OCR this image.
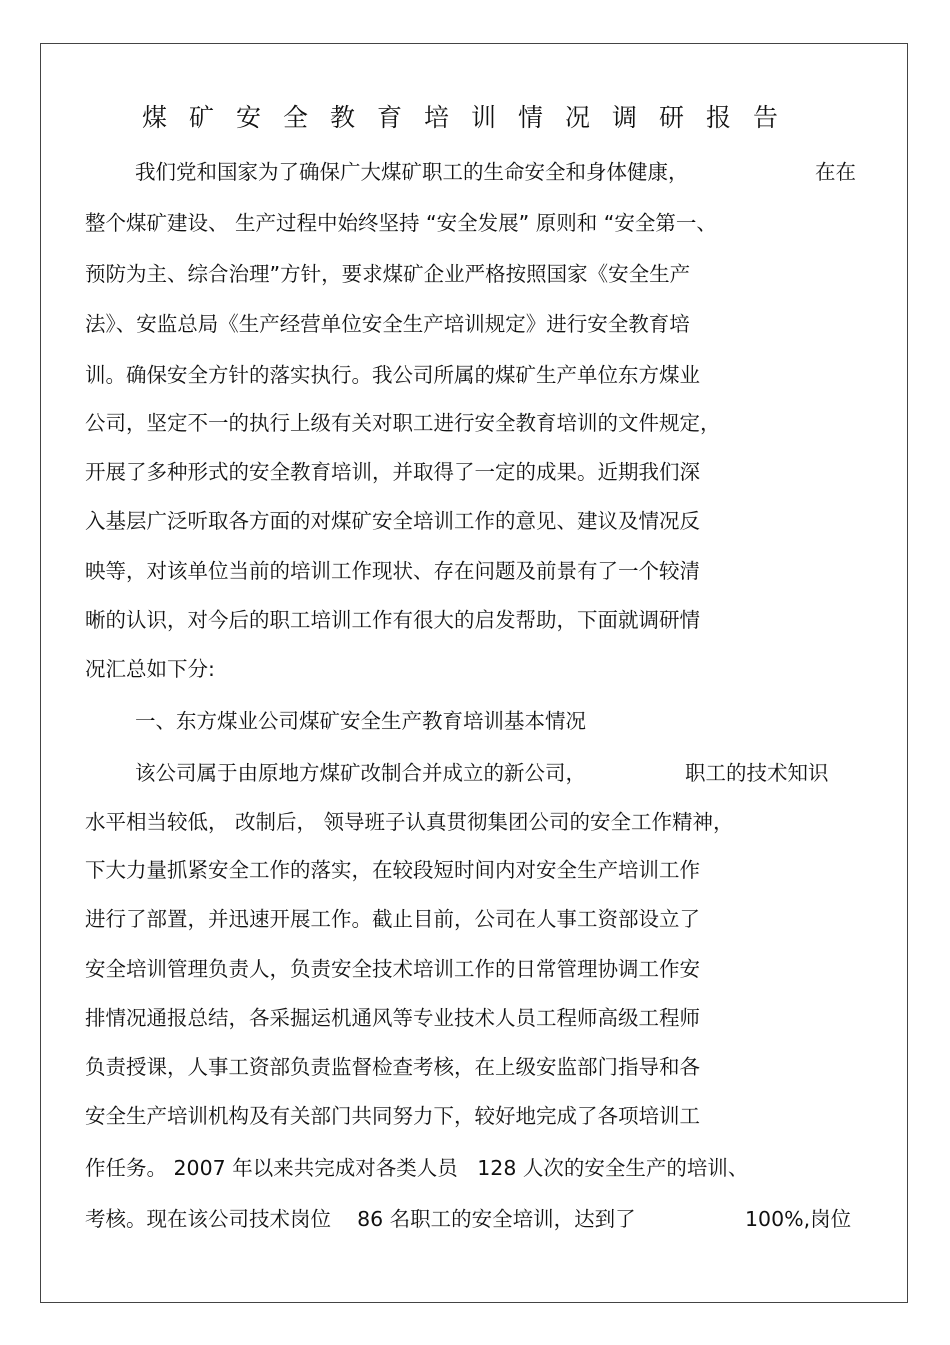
煤矿安全教育培训情况调研报告

我们党和国家为了确保广大煤矿职工的生命安全和身体健康，	在在

整个煤矿建设、 生产过程中始终坚持 “安全发展” 原则和 “安全第一、

预防为主、综合治理”方针，要求煤矿企业严格按照国家《安全生产

法》、安监总局《生产经营单位安全生产培训规定》进行安全教育培

训。确保安全方针的落实执行。我公司所属的煤矿生产单位东方煤业

公司，坚定不一的执行上级有关对职工进行安全教育培训的文件规定，

开展了多种形式的安全教育培训，并取得了一定的成果。近期我们深

入基层广泛听取各方面的对煤矿安全培训工作的意见、建议及情况反

映等，对该单位当前的培训工作现状、存在问题及前景有了一个较清

晰的认识，对今后的职工培训工作有很大的启发帮助，下面就调研情

况汇总如下分:

一、东方煤业公司煤矿安全生产教育培训基本情况

该公司属于由原地方煤矿改制合并成立的新公司，	职工的技术知识

水平相当较低， 改制后， 领导班子认真贯彻集团公司的安全工作精神，

下大力量抓紧安全工作的落实，在较段短时间内对安全生产培训工作

进行了部置，并迅速开展工作。截止目前，公司在人事工资部设立了

安全培训管理负责人，负责安全技术培训工作的日常管理协调工作安

排情况通报总结，各采掘运机通风等专业技术人员工程师高级工程师

负责授课，人事工资部负责监督检查考核，在上级安监部门指导和各

安全生产培训机构及有关部门共同努力下，较好地完成了各项培训工

作任务。 2007 年以来共完成对各类人员   128 人次的安全生产的培训、

考核。现在该公司技术岗位    86 名职工的安全培训，达到了	100%,岗位
